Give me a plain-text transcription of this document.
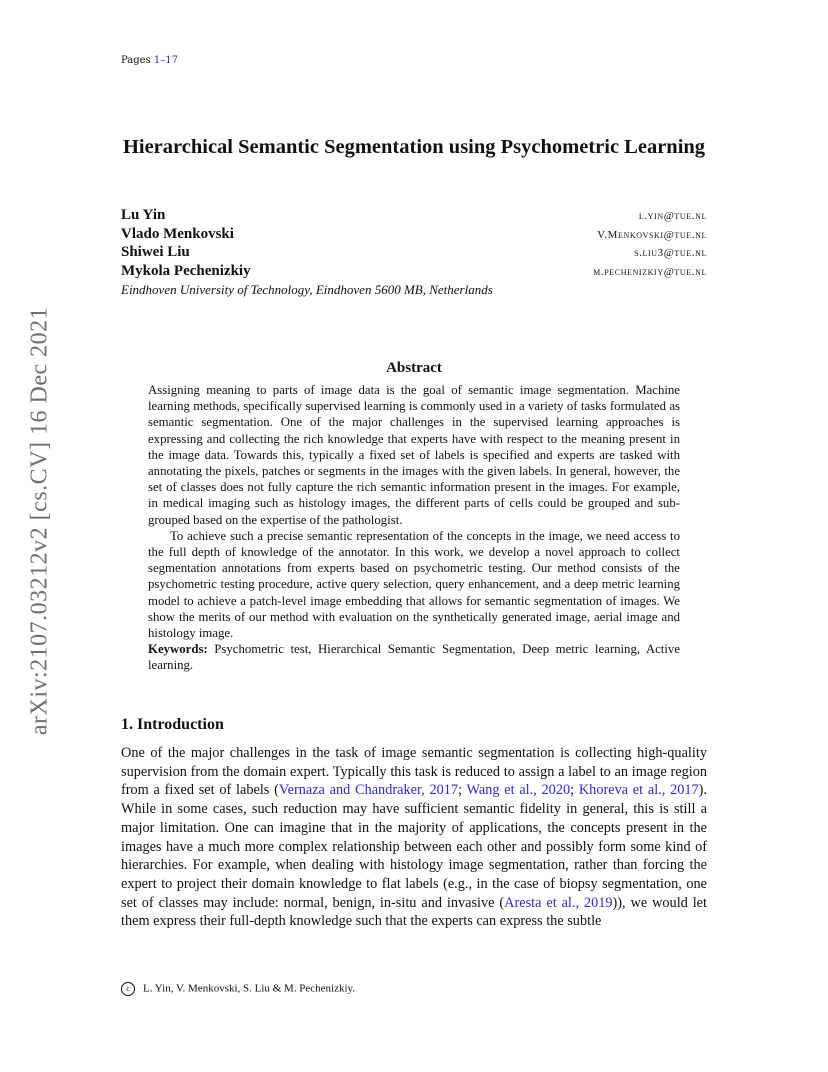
Pages 1–17
arXiv:2107.03212v2 [cs.CV] 16 Dec 2021
Hierarchical Semantic Segmentation using Psychometric Learning
Lu Yin	l.yin@tue.nl
Vlado Menkovski	V.Menkovski@tue.nl
Shiwei Liu	s.liu3@tue.nl
Mykola Pechenizkiy	m.pechenizkiy@tue.nl
Eindhoven University of Technology, Eindhoven 5600 MB, Netherlands
Abstract

Assigning meaning to parts of image data is the goal of semantic image segmentation. Machine learning methods, specifically supervised learning is commonly used in a variety of tasks formulated as semantic segmentation. One of the major challenges in the supervised learning approaches is expressing and collecting the rich knowledge that experts have with respect to the meaning present in the image data. Towards this, typically a fixed set of labels is specified and experts are tasked with annotating the pixels, patches or segments in the images with the given labels. In general, however, the set of classes does not fully capture the rich semantic information present in the images. For example, in medical imaging such as histology images, the different parts of cells could be grouped and sub-grouped based on the expertise of the pathologist.

To achieve such a precise semantic representation of the concepts in the image, we need access to the full depth of knowledge of the annotator. In this work, we develop a novel approach to collect segmentation annotations from experts based on psychometric testing. Our method consists of the psychometric testing procedure, active query selection, query enhancement, and a deep metric learning model to achieve a patch-level image embedding that allows for semantic segmentation of images. We show the merits of our method with evaluation on the synthetically generated image, aerial image and histology image.

Keywords: Psychometric test, Hierarchical Semantic Segmentation, Deep metric learning, Active learning.

1. Introduction

One of the major challenges in the task of image semantic segmentation is collecting high-quality supervision from the domain expert. Typically this task is reduced to assign a label to an image region from a fixed set of labels (Vernaza and Chandraker, 2017; Wang et al., 2020; Khoreva et al., 2017). While in some cases, such reduction may have sufficient semantic fidelity in general, this is still a major limitation. One can imagine that in the majority of applications, the concepts present in the images have a much more complex relationship between each other and possibly form some kind of hierarchies. For example, when dealing with histology image segmentation, rather than forcing the expert to project their domain knowledge to flat labels (e.g., in the case of biopsy segmentation, one set of classes may include: normal, benign, in-situ and invasive (Aresta et al., 2019)), we would let them express their full-depth knowledge such that the experts can express the subtle

c L. Yin, V. Menkovski, S. Liu & M. Pechenizkiy.
